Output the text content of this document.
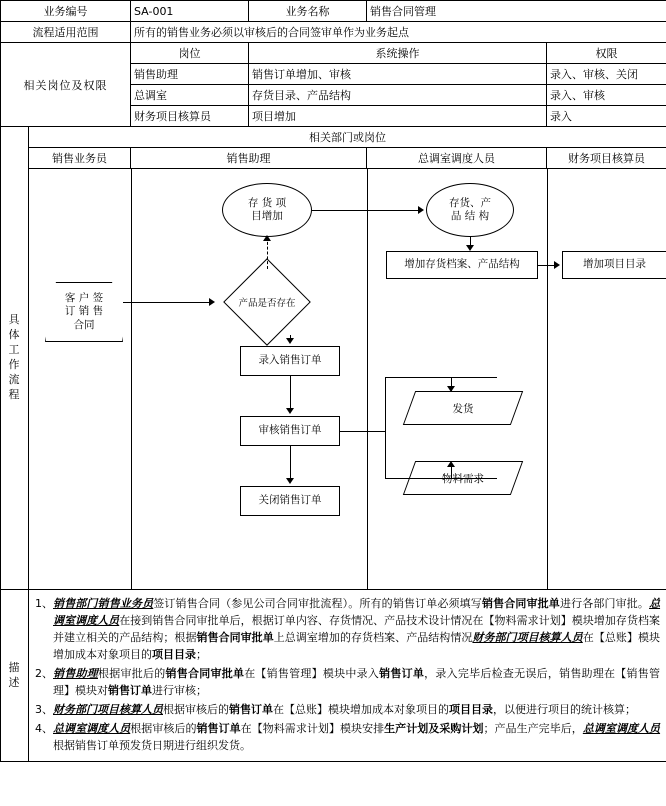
业务编号		SA-001	业务名称	销售合同管理	
流程适用范围		所有的销售业务必须以审核后的合同签审单作为业务起点			
相关岗位及权限		岗位	系统操作		权限
		销售助理	销售订单增加、审核		录入、审核、关闭
		总调室	存货目录、产品结构		录入、审核
		财务项目核算员	项目增加		录入

具体工作流程	相关部门或岗位				
	销售业务员	销售助理		总调室调度人员	财务项目核算员

客 户 签
订 销 售
合同
存 货 项
目增加
存货、产
品 结 构
增加存货档案、产品结构	增加项目目录
产品是否存在
录入销售订单
审核销售订单
关闭销售订单
发货
物料需求

描述

1、 销售部门销售业务员签订销售合同（参见公司合同审批流程）。所有的销售订单必须填写销售合同审批单进行各部门审批。总调室调度人员在接到销售合同审批单后，根据订单内容、存货情况、产品技术设计情况在【物料需求计划】模块增加存货档案并建立相关的产品结构；根据销售合同审批单上总调室增加的存货档案、产品结构情况财务部门项目核算人员在【总账】模块增加成本对象项目的项目目录；
2、 销售助理根据审批后的销售合同审批单在【销售管理】模块中录入销售订单，录入完毕后检查无误后，销售助理在【销售管理】模块对销售订单进行审核；
3、 财务部门项目核算人员根据审核后的销售订单在【总账】模块增加成本对象项目的项目目录，以便进行项目的统计核算；
4、 总调室调度人员根据审核后的销售订单在【物料需求计划】模块安排生产计划及采购计划；产品生产完毕后，总调室调度人员根据销售订单预发货日期进行组织发货。
